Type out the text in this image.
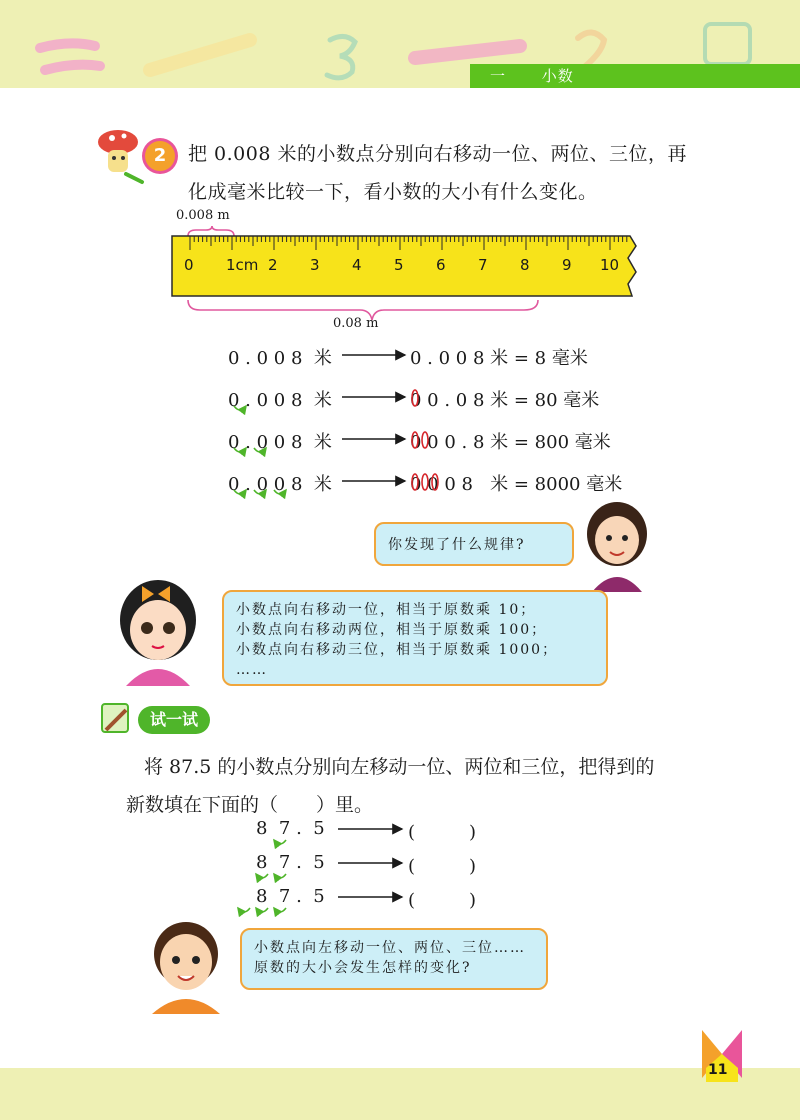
一 小数
2	把 0.008 米的小数点分别向右移动一位、两位、三位，再
化成毫米比较一下，看小数的大小有什么变化。
0.008 m
0 1cm 2 3 4 5 6 7 8 9 10
0.08 m
0 . 0 0 8  米	0 . 0 0 8 米 = 8 毫米
0 . 0 0 8  米	0 0 . 0 8 米 = 80 毫米
0 . 0 0 8  米	0 0 0 . 8 米 = 800 毫米
0 . 0 0 8  米	0 0 0 8   米 = 8000 毫米
你发现了什么规律?
小数点向右移动一位，相当于原数乘 10；
小数点向右移动两位，相当于原数乘 100；
小数点向右移动三位，相当于原数乘 1000；
……
试一试
将 87.5 的小数点分别向左移动一位、两位和三位，把得到的
新数填在下面的（　　）里。
8  7 .  5	(　　　)
8  7 .  5	(　　　)
8  7 .  5	(　　　)
小数点向左移动一位、两位、三位……
原数的大小会发生怎样的变化?
11
